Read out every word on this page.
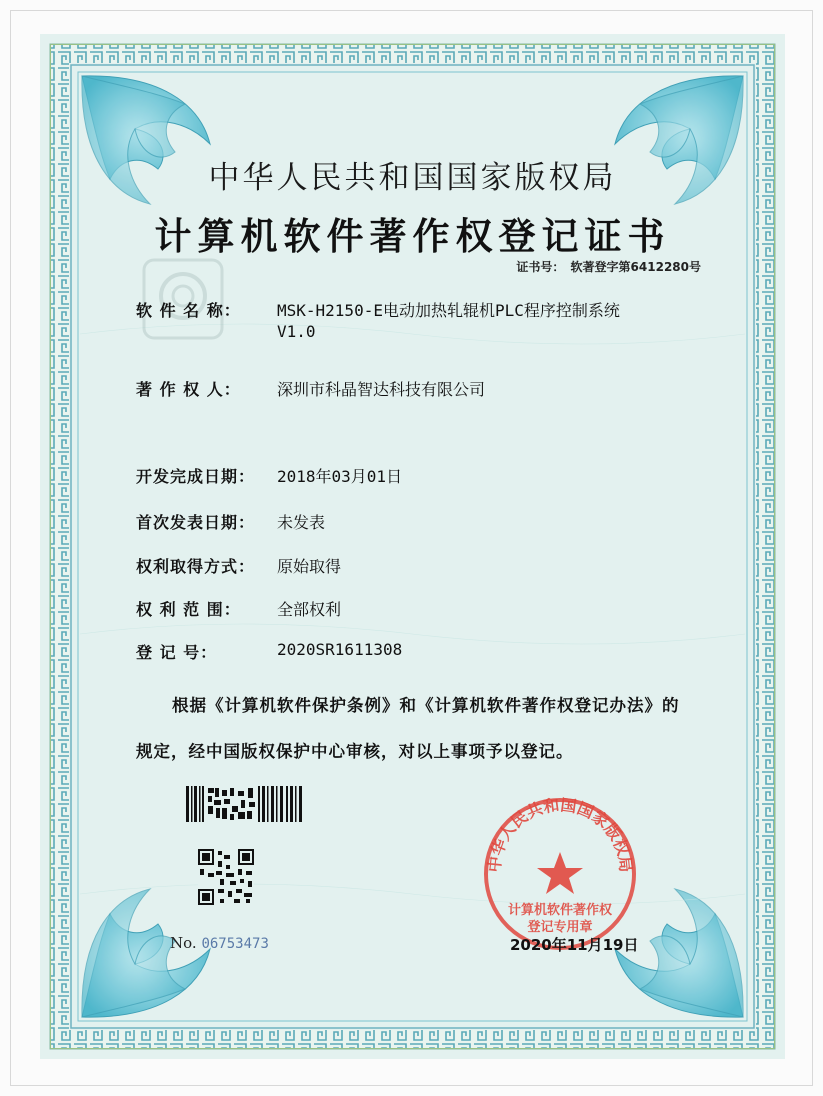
中华人民共和国国家版权局
计算机软件著作权登记证书
证书号： 软著登字第6412280号
软 件 名 称： MSK-H2150-E电动加热轧辊机PLC程序控制系统
V1.0
著 作 权 人： 深圳市科晶智达科技有限公司
开发完成日期： 2018年03月01日
首次发表日期： 未发表
权利取得方式： 原始取得
权 利 范 围： 全部权利
登 记 号：	2020SR1611308
根据《计算机软件保护条例》和《计算机软件著作权登记办法》的
规定，经中国版权保护中心审核，对以上事项予以登记。
中华人民共和国国家版权局
计算机软件著作权
登记专用章
No. 06753473	2020年11月19日
